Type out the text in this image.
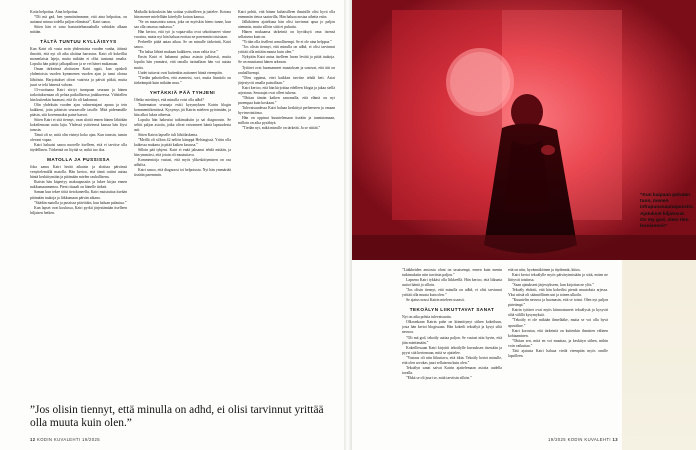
Kotia helpottaa. Aina helpottaa.

”Oli mä gad, ben ymmärrämmme, että aina helpottaa, on auttanut minua todella paljon elämässä”, Katri sanoo.

Siiten hän ei sano haastattelunaaahulla vahtakin alkaan mitään.

TÄLTÄ TUNTUU KYLLÄISYYS

Kun Katri oli vasta noin yhdentoista vuoden vanha, äitinsä ilmoitti, että nyt oli aika aloittaa harrastus. Katri oli kokeillut monenlaisia lajeja, mutta mikään ei ollut tuntunut omalta. Lopulta hän päätyi jalkapalloon ja se vei hänet mukanaan.

Oman tärkeänsä aloitusten Katri oppii, kun opiskeli yhdentoista vuoden kymmenen vuoden ajan ja tunsi olonsa lähtöisin. Harjoitukset olivat vaativia ja päivät pitkiä, mutta juuri se teki hänestä vahvan.

13-vuotiaana Katri siirtyi isompaan seuraan ja hänen tarkoituksenaan oli pelata paikallisessa joukkueessa. Vähitellen hän kuitenkin huomasi, että ilo oli kadonnut.

Olin yhdeksän vuoden ajan valmentajani apuna ja tein kaikkeni, jotta pääsisin seuraavalle tasolle. Mitä pidemmälle pääsin, sitä kovemmaksi paine kasvoi.

Siiten Katri ei sitä tiennyt, vaan aloitti ennen hänen lähtöään kokeilemaan uutta lajia. Yhdessä ystäviensä kanssa hän löysi tanssin.

Tämä oli se, mitä olin etsinyt koko ajan. Kun tanssin, tunsin olevani vapaa.

Katri haluaisi sanoa nuorelle itselleen, että ei tarvitse olla täydellinen. Tärkeintä on löytää se, mikä tuo iloa.

MATOLLA JA PUSSISSA

Joka aamu Katri herää aikaisin ja aloittaa päivänsä venyttelemällä matolla. Hän kertoo, että tämä rutiini auttaa häntä keskittymään ja pitämään mielen rauhallisena.

Iltaisin hän käpertyy makuupussiin ja lukee kirjaa ennen nukkumaanmenoa. Pieni rituaali on hänelle tärkeä.

Saman kun tekee töitä tietokoneella, Katri muistuttaa itseään pitämään taukoja ja liikkumaan päivän aikana.

”Säädän matolla ja pussissa päivittäin, kun haluan palautua.”

Kun lapset ovat koulussa, Katri pyrkii järjestämään itselleen hiljaisen hetken.

Matkalla kokouksiin hän soittaa ystävälleen ja juttelee. Kotona hän menee mielellään kävelylle koiran kanssa.

”Se on maasointu sanoa, joka on myöskin hieno tunne, kun saa olla omassa rauhassa.”

Hän kertoo, että työ ja vapaa-aika ovat sekoittuneet viime vuosina, mutta nyt hän haluaa erottaa ne paremmin toisistaan.

Perheelle pitää antaa aikaa. Se on minulle tärkeintä, Katri sanoo.

”En halua lähteä mukaan kaikkeen, vaan valita itse.”

Ensin Katri ei halunnut puhua asiasta julkisesti, mutta lopulta hän ymmärsi, että omalla tarinallaan hän voi auttaa muita.

Uudet tuttavat ovat kuitenkin auttaneet häntä eteenpäin.

”Tiedän pahoitellen, että asenteisi, sori, mutta läsnäolo on tärkeämpää kuin mikään muu.”

YHTÄKKIÄ PÄÄ TYHJENI

Oletko miettinyt, että minulla voisi olla adhd?

Tuntematon seuraaja esitti kysymyksen Katrin blogin kommenttikentässä. Kysymys jäi Katrin mieleen pyörimään, ja hän alkoi lukea aiheesta.

Lopulta hän hakeutui tutkimuksiin ja sai diagnoosin. Se selitti paljon asioita, jotka olivat vaivanneet häntä lapsuudesta asti.

Sitten Katrin lapselle tuli lähtölaskenta.

”Meillä oli silloin 42 neliön kämppä Helsingissä. Yritin olla kaikessa mukana ja pitää kaiken kasassa.”

Silloin pää tyhjeni. Katri ei enää jaksanut tehdä mitään, ja hän ymmärsi, että jotain oli muututtava.

Kommentoija vastasi, että myös ylikeskittyminen on osa adhd:ta.

Katri sanoo, että diagnoosi toi helpotusta. Nyt hän ymmärtää itseään paremmin.

Katri pohtii, että hänen kaltaisilleen ihmisille olisi hyvä olla enemmän tietoa saatavilla. Hän haluaa nostaa aihetta esiin.

Jälkikäteen ajateltuna hän olisi tarvinnut apua jo paljon aiemmin, mutta silloin siitä ei puhuttu.

Hänen mukaansa tärkeintä on hyväksyä oma itsensä sellaisena kuin on.

”Yritän olla itselleni armollisempi. Se ei ole aina helppoa.”

”Jos olisin tiennyt, että minulla on adhd, ei olisi tarvinnut yrittää olla mitään muuta kuin olen.”

Nykyään Katri antaa itselleen luvan levätä ja pitää taukoja. Se on muuttanut hänen arkeaan.

Tyttäret ovat huomanneet muutoksen ja sanovat, että äiti on rauhallisempi.

”Olen oppinut, ettei kaikkea tarvitse tehdä heti. Asiat järjestyvät omalla painollaan.”

Katri kertoo, että hän kirjoittaa edelleen blogia ja jakaa siellä arjestaan. Seuraajat ovat olleet tukena.

”Ohitan tämän kaiken sanomalla, että elämä on nyt parempaa kuin koskaan.”

Tulevaisuudessa Katri haluaa keskittyä perheeseen ja omaan hyvinvointiinsa.

Hän on oppinut kuuntelemaan itseään ja tunnistamaan, milloin on aika pysähtyä.

”Tiedän nyt, mikä minulle on tärkeää. Ja se riittää.”

”Jos olisin tiennyt, että minulla on adhd, ei olisi tarvinnut yrittää olla muuta kuin olen.”
12 KODIN KUVALEHTI 19/2025
”Kun kaipaan päivään tuon, menen infrapunasaunapussiin. Ajatukset kiljatuvat. Ov my god, oleni tien levoiseeni!”

”Lääkkeiden ansiosta oloni on tasaisempi, ennen kuin menin tutkimuksiin niin tarvitsin paljon.”

Lapsena Katri tykkäsi olla liikkeellä. Hän kertoo, että liikunta auttoi häntä jo silloin.

”Jos olisin tiennyt, että minulla on adhd, ei olisi tarvinnut yrittää olla muuta kuin olen.”

Se ajatus nousi Katrin mieleen useasti.

TEKOÄLYN LIIKUTTAVAT SANAT

Nyt on aika pohtia tulevaisuutta.

Olkoonkaan Katrin puhe on kiinnittynyt siihen kokeiluun, josta hän kertoi blogissaan. Hän kokeili tekoälyä ja kysyi siltä neuvoa.

”Oli mä god, tekoäly auttaa paljon. Se vastasi niin hyvin, että jäin miettimään.”

Kokeillessaan Katri kirjoitti tekoälylle kuvauksen itsestään ja pyysi sitä kertomaan, mitä se ajattelee.

”Vastaus oli niin liikuttava, että itkin. Tekoäly kertoi minulle, että olen arvokas juuri sellaisena kuin olen.”

Tekoälyn sanat saivat Katrin ajattelemaan asioita uudella tavalla.

”Ehkä se oli juuri se, mitä tarvitsin silloin.”

että on niin, hyvännäköinen ja täydennät, kiitos.

Katri kertoi tekoälylle myös päivärytmistään ja siitä, miten ne liittyvät toisiinsa.

”Saan ajatukseni järjestykseen, kun kirjoitan ne ylös.”

Tekoäly ehdotti, että hän kokeilisi pieniä muutoksia arjessa. Yksi niistä oli säännöllinen uni ja toinen ulkoilu.

”Kuuntelin neuvoa ja huomasin, että se toimi. Olen nyt paljon pirteämpi.”

Katrin tyttäret ovat myös kiinnostuneet tekoälystä ja kysyvät siltä välillä kysymyksiä.

”Tekoäly ei ole mikään ihmelääke, mutta se voi olla hyvä apuväline.”

Katri korostaa, että tärkeintä on kuitenkin ihmisten välinen kohtaaminen.

”Ohitan sen, mitä en voi muuttaa, ja keskityn siihen, mihin voin vaikuttaa.”

Tätä ajatusta Katri haluaa viedä eteenpäin myös omille lapsilleen.

19/2025 KODIN KUVALEHTI 13
